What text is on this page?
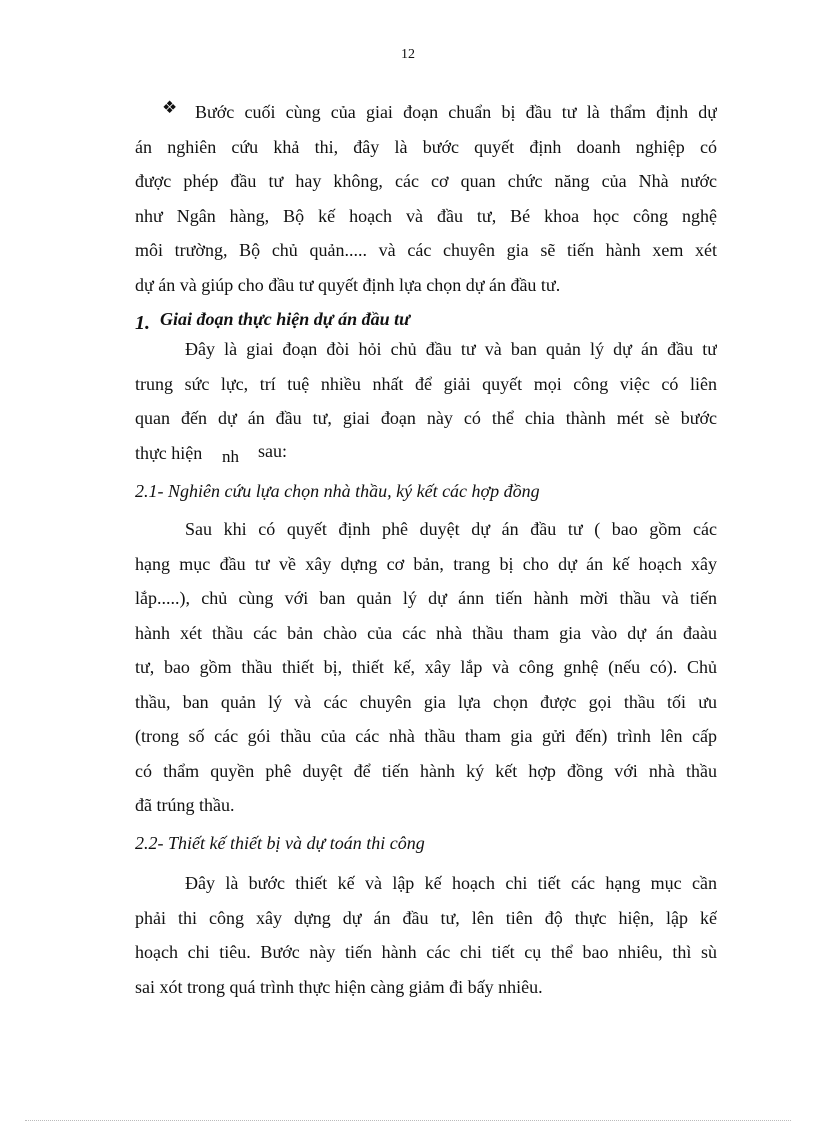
12
❖ Bước cuối cùng của giai đoạn chuẩn bị đầu tư là thẩm định dự
án nghiên cứu khả thi, đây là bước quyết định doanh nghiệp có
được phép đầu tư hay không, các cơ quan chức năng của Nhà nước
như Ngân hàng, Bộ kế hoạch và đầu tư, Bé khoa học công nghệ
môi trường, Bộ chủ quản..... và các chuyên gia sẽ tiến hành xem xét
dự án và giúp cho đầu tư quyết định lựa chọn dự án đầu tư.
1. Giai đoạn thực hiện dự án đầu tư
Đây là giai đoạn đòi hỏi chủ đầu tư và ban quản lý dự án đầu tư
trung sức lực, trí tuệ nhiều nhất để giải quyết mọi công việc có liên
quan đến dự án đầu tư, giai đoạn này có thể chia thành mét sè bước
thực hiện	nh sau:
2.1- Nghiên cứu lựa chọn nhà thầu, ký kết các hợp đồng
Sau khi có quyết định phê duyệt dự án đầu tư ( bao gồm các
hạng mục đầu tư về xây dựng cơ bản, trang bị cho dự án kế hoạch xây
lắp.....), chủ cùng với ban quản lý dự ánn tiến hành mời thầu và tiến
hành xét thầu các bản chào của các nhà thầu tham gia vào dự án đaàu
tư, bao gồm thầu thiết bị, thiết kế, xây lắp và công gnhệ (nếu có). Chủ
thầu, ban quản lý và các chuyên gia lựa chọn được gọi thầu tối ưu
(trong số các gói thầu của các nhà thầu tham gia gửi đến) trình lên cấp
có thẩm quyền phê duyệt để tiến hành ký kết hợp đồng với nhà thầu
đã trúng thầu.
2.2- Thiết kế thiết bị và dự toán thi công
Đây là bước thiết kế và lập kế hoạch chi tiết các hạng mục cần
phải thi công xây dựng dự án đầu tư, lên tiên độ thực hiện, lập kế
hoạch chi tiêu. Bước này tiến hành các chi tiết cụ thể bao nhiêu, thì sù
sai xót trong quá trình thực hiện càng giảm đi bấy nhiêu.
